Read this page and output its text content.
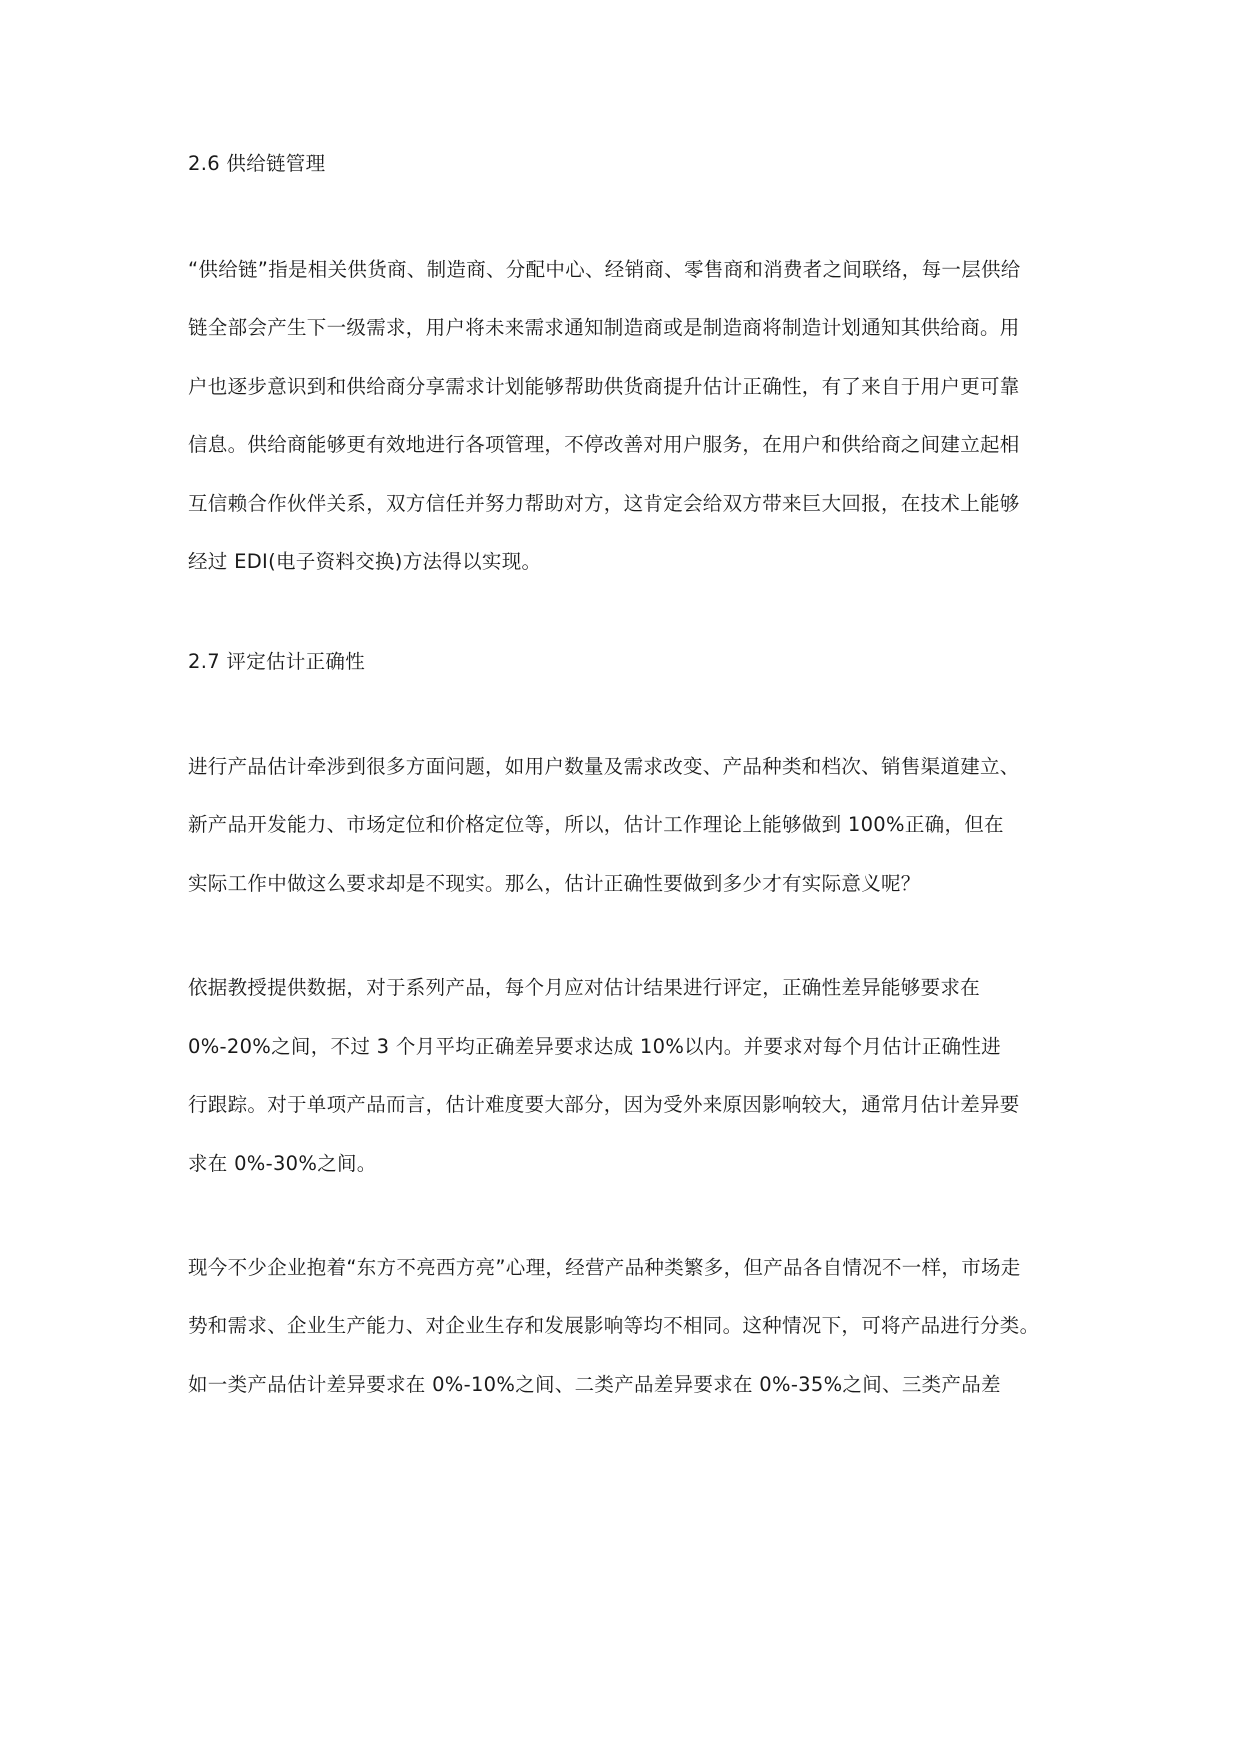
2.6 供给链管理
“供给链”指是相关供货商、制造商、分配中心、经销商、零售商和消费者之间联络，每一层供给
链全部会产生下一级需求，用户将未来需求通知制造商或是制造商将制造计划通知其供给商。用
户也逐步意识到和供给商分享需求计划能够帮助供货商提升估计正确性，有了来自于用户更可靠
信息。供给商能够更有效地进行各项管理，不停改善对用户服务，在用户和供给商之间建立起相
互信赖合作伙伴关系，双方信任并努力帮助对方，这肯定会给双方带来巨大回报，在技术上能够
经过 EDI(电子资料交换)方法得以实现。
2.7 评定估计正确性
进行产品估计牵涉到很多方面问题，如用户数量及需求改变、产品种类和档次、销售渠道建立、
新产品开发能力、市场定位和价格定位等，所以，估计工作理论上能够做到 100%正确，但在
实际工作中做这么要求却是不现实。那么，估计正确性要做到多少才有实际意义呢？
依据教授提供数据，对于系列产品，每个月应对估计结果进行评定，正确性差异能够要求在
0%-20%之间，不过 3 个月平均正确差异要求达成 10%以内。并要求对每个月估计正确性进
行跟踪。对于单项产品而言，估计难度要大部分，因为受外来原因影响较大，通常月估计差异要
求在 0%-30%之间。
现今不少企业抱着“东方不亮西方亮”心理，经营产品种类繁多，但产品各自情况不一样，市场走
势和需求、企业生产能力、对企业生存和发展影响等均不相同。这种情况下，可将产品进行分类。
如一类产品估计差异要求在 0%-10%之间、二类产品差异要求在 0%-35%之间、三类产品差
